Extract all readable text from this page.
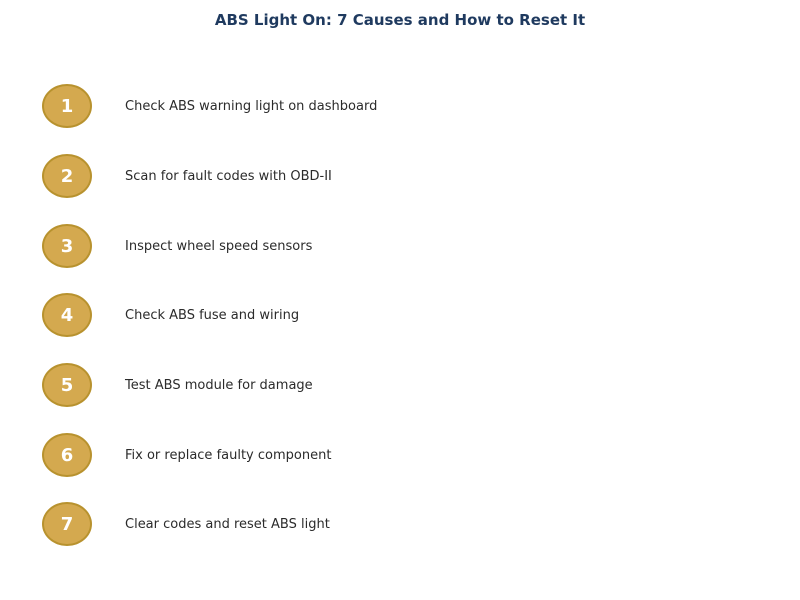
ABS Light On: 7 Causes and How to Reset It
1	Check ABS warning light on dashboard
2	Scan for fault codes with OBD-II
3	Inspect wheel speed sensors
4	Check ABS fuse and wiring
5	Test ABS module for damage
6	Fix or replace faulty component
7	Clear codes and reset ABS light
